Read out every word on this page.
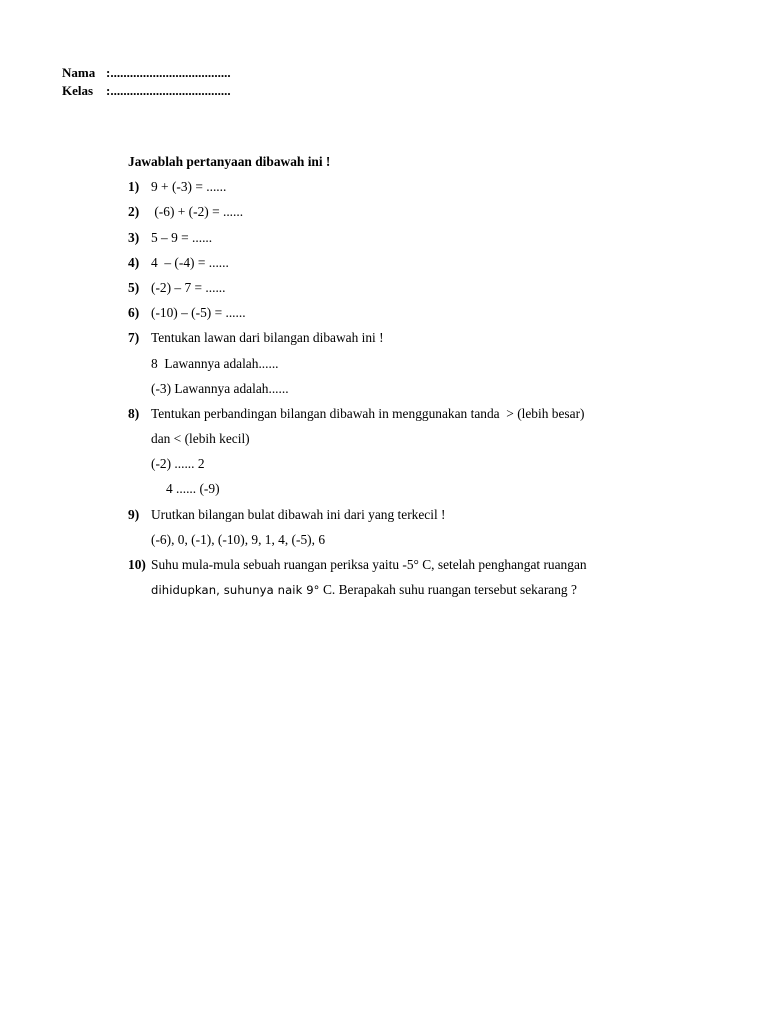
Nama :.....................................
Kelas :.....................................
Jawablah pertanyaan dibawah ini !
1) 9 + (-3) = ......
2) (-6) + (-2) = ......
3) 5 – 9 = ......
4) 4  – (-4) = ......
5) (-2) – 7 = ......
6) (-10) – (-5) = ......
7) Tentukan lawan dari bilangan dibawah ini !
8  Lawannya adalah......
(-3) Lawannya adalah......
8) Tentukan perbandingan bilangan dibawah in menggunakan tanda  > (lebih besar)
dan < (lebih kecil)
(-2) ...... 2
4 ...... (-9)
9) Urutkan bilangan bulat dibawah ini dari yang terkecil !
(-6), 0, (-1), (-10), 9, 1, 4, (-5), 6
10) Suhu mula-mula sebuah ruangan periksa yaitu -5° C, setelah penghangat ruangan
dihidupkan, suhunya naik 9° C. Berapakah suhu ruangan tersebut sekarang ?
